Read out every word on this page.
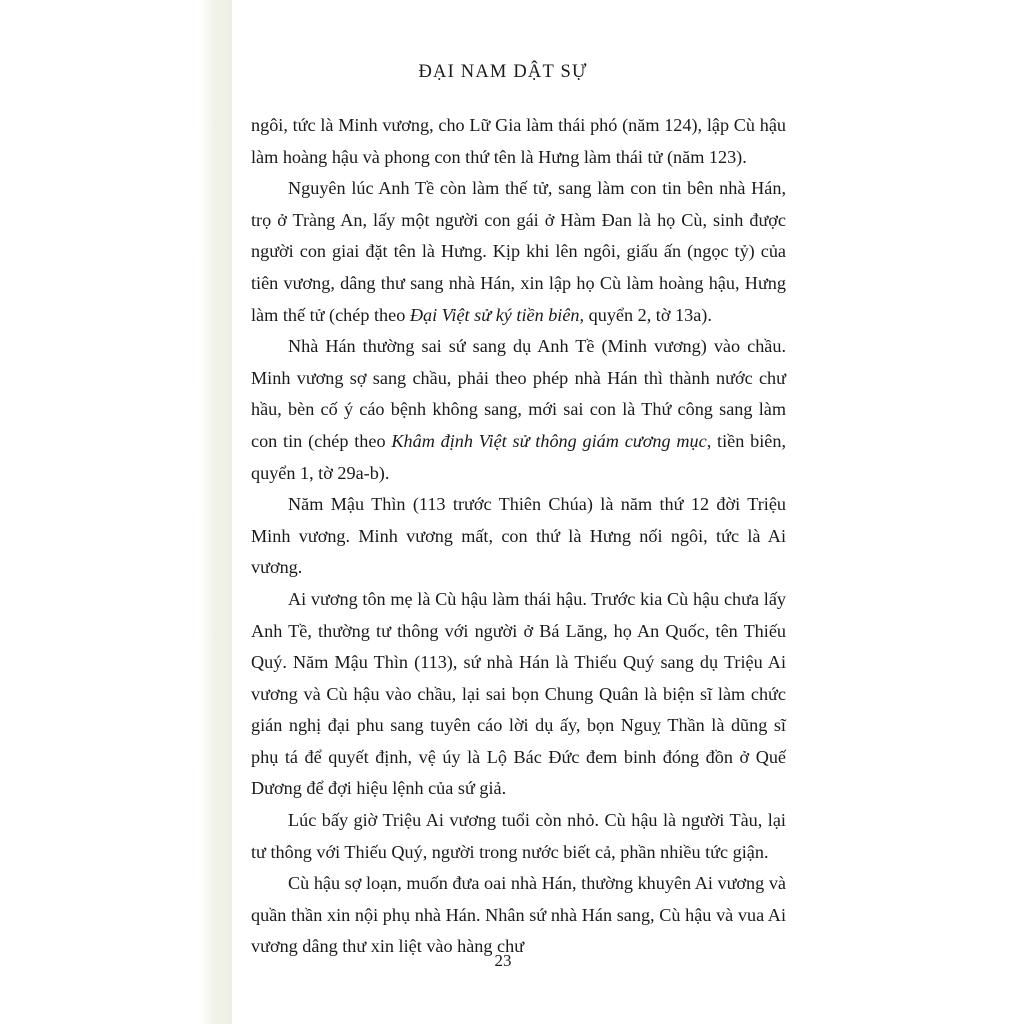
ĐẠI NAM DẬT SỰ

ngôi, tức là Minh vương, cho Lữ Gia làm thái phó (năm 124), lập Cù hậu làm hoàng hậu và phong con thứ tên là Hưng làm thái tử (năm 123).

Nguyên lúc Anh Tề còn làm thế tử, sang làm con tin bên nhà Hán, trọ ở Tràng An, lấy một người con gái ở Hàm Đan là họ Cù, sinh được người con giai đặt tên là Hưng. Kịp khi lên ngôi, giấu ấn (ngọc tỷ) của tiên vương, dâng thư sang nhà Hán, xin lập họ Cù làm hoàng hậu, Hưng làm thế tử (chép theo Đại Việt sử ký tiền biên, quyển 2, tờ 13a).

Nhà Hán thường sai sứ sang dụ Anh Tề (Minh vương) vào chầu. Minh vương sợ sang chầu, phải theo phép nhà Hán thì thành nước chư hầu, bèn cố ý cáo bệnh không sang, mới sai con là Thứ công sang làm con tin (chép theo Khâm định Việt sử thông giám cương mục, tiền biên, quyển 1, tờ 29a-b).

Năm Mậu Thìn (113 trước Thiên Chúa) là năm thứ 12 đời Triệu Minh vương. Minh vương mất, con thứ là Hưng nối ngôi, tức là Ai vương.

Ai vương tôn mẹ là Cù hậu làm thái hậu. Trước kia Cù hậu chưa lấy Anh Tề, thường tư thông với người ở Bá Lăng, họ An Quốc, tên Thiếu Quý. Năm Mậu Thìn (113), sứ nhà Hán là Thiếu Quý sang dụ Triệu Ai vương và Cù hậu vào chầu, lại sai bọn Chung Quân là biện sĩ làm chức gián nghị đại phu sang tuyên cáo lời dụ ấy, bọn Nguỵ Thần là dũng sĩ phụ tá để quyết định, vệ úy là Lộ Bác Đức đem binh đóng đồn ở Quế Dương để đợi hiệu lệnh của sứ giả.

Lúc bấy giờ Triệu Ai vương tuổi còn nhỏ. Cù hậu là người Tàu, lại tư thông với Thiếu Quý, người trong nước biết cả, phần nhiều tức giận.

Cù hậu sợ loạn, muốn đưa oai nhà Hán, thường khuyên Ai vương và quần thần xin nội phụ nhà Hán. Nhân sứ nhà Hán sang, Cù hậu và vua Ai vương dâng thư xin liệt vào hàng chư

23
